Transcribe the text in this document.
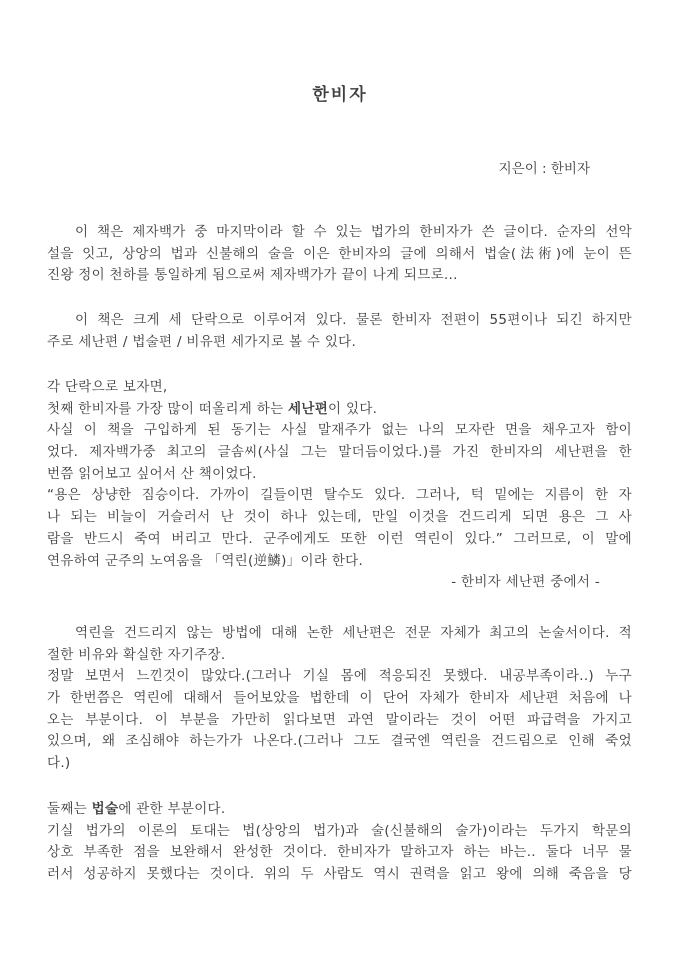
한비자
지은이 : 한비자
이 책은 제자백가 중 마지막이라 할 수 있는 법가의 한비자가 쓴 글이다. 순자의 선악
설을 잇고, 상앙의 법과 신불해의 술을 이은 한비자의 글에 의해서 법술(法術)에 눈이 뜬
진왕 정이 천하를 통일하게 됨으로써 제자백가가 끝이 나게 되므로...
이 책은 크게 세 단락으로 이루어져 있다. 물론 한비자 전편이 55편이나 되긴 하지만
주로 세난편 / 법술편 / 비유편 세가지로 볼 수 있다.
각 단락으로 보자면,
첫째 한비자를 가장 많이 떠올리게 하는 세난편이 있다.
사실 이 책을 구입하게 된 동기는 사실 말재주가 없는 나의 모자란 면을 채우고자 함이
었다. 제자백가중 최고의 글솜씨(사실 그는 말더듬이었다.)를 가진 한비자의 세난편을 한
번쯤 읽어보고 싶어서 산 책이었다.
“용은 상냥한 짐승이다. 가까이 길들이면 탈수도 있다. 그러나, 턱 밑에는 지름이 한 자
나 되는 비늘이 거슬러서 난 것이 하나 있는데, 만일 이것을 건드리게 되면 용은 그 사
람을 반드시 죽여 버리고 만다. 군주에게도 또한 이런 역린이 있다.” 그러므로, 이 말에
연유하여 군주의 노여움을 「역린(逆鱗)」이라 한다.
- 한비자 세난편 중에서 -
역린을 건드리지 않는 방법에 대해 논한 세난편은 전문 자체가 최고의 논술서이다. 적
절한 비유와 확실한 자기주장.
정말 보면서 느낀것이 많았다.(그러나 기실 몸에 적응되진 못했다. 내공부족이라..) 누구
가 한번쯤은 역린에 대해서 들어보았을 법한데 이 단어 자체가 한비자 세난편 처음에 나
오는 부분이다. 이 부분을 가만히 읽다보면 과연 말이라는 것이 어떤 파급력을 가지고
있으며, 왜 조심해야 하는가가 나온다.(그러나 그도 결국엔 역린을 건드림으로 인해 죽었
다.)
둘째는 법술에 관한 부분이다.
기실 법가의 이론의 토대는 법(상앙의 법가)과 술(신불해의 술가)이라는 두가지 학문의
상호 부족한 점을 보완해서 완성한 것이다. 한비자가 말하고자 하는 바는.. 둘다 너무 물
러서 성공하지 못했다는 것이다. 위의 두 사람도 역시 권력을 읽고 왕에 의해 죽음을 당
